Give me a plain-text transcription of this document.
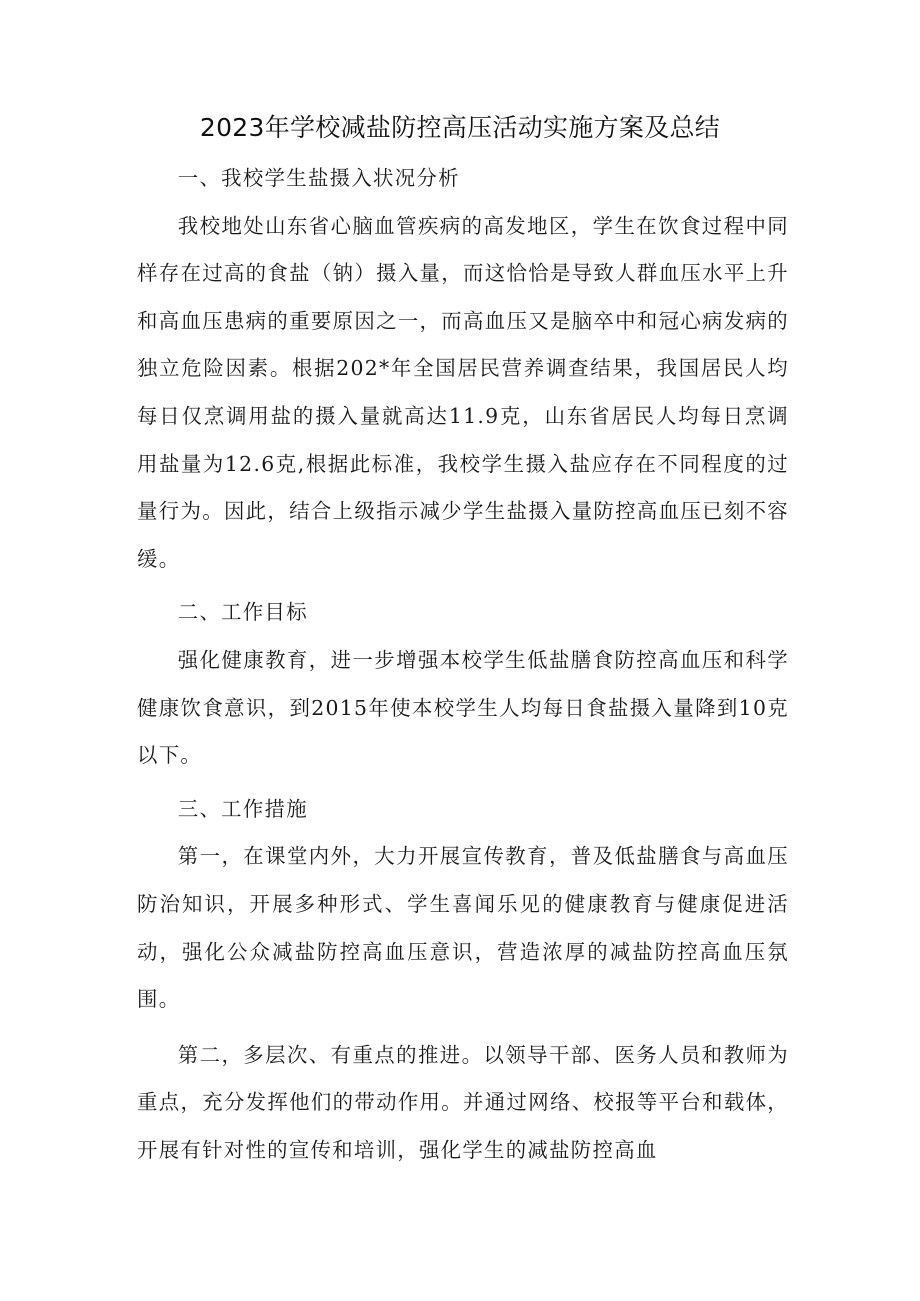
2023年学校减盐防控高压活动实施方案及总结

一、我校学生盐摄入状况分析

我校地处山东省心脑血管疾病的高发地区，学生在饮食过程中同样存在过高的食盐（钠）摄入量，而这恰恰是导致人群血压水平上升和高血压患病的重要原因之一，而高血压又是脑卒中和冠心病发病的独立危险因素。根据202*年全国居民营养调查结果，我国居民人均每日仅烹调用盐的摄入量就高达11.9克，山东省居民人均每日烹调用盐量为12.6克,根据此标准，我校学生摄入盐应存在不同程度的过量行为。因此，结合上级指示减少学生盐摄入量防控高血压已刻不容缓。

二、工作目标

强化健康教育，进一步增强本校学生低盐膳食防控高血压和科学健康饮食意识，到2015年使本校学生人均每日食盐摄入量降到10克以下。

三、工作措施

第一，在课堂内外，大力开展宣传教育，普及低盐膳食与高血压防治知识，开展多种形式、学生喜闻乐见的健康教育与健康促进活动，强化公众减盐防控高血压意识，营造浓厚的减盐防控高血压氛围。

第二，多层次、有重点的推进。以领导干部、医务人员和教师为重点，充分发挥他们的带动作用。并通过网络、校报等平台和载体，开展有针对性的宣传和培训，强化学生的减盐防控高血
